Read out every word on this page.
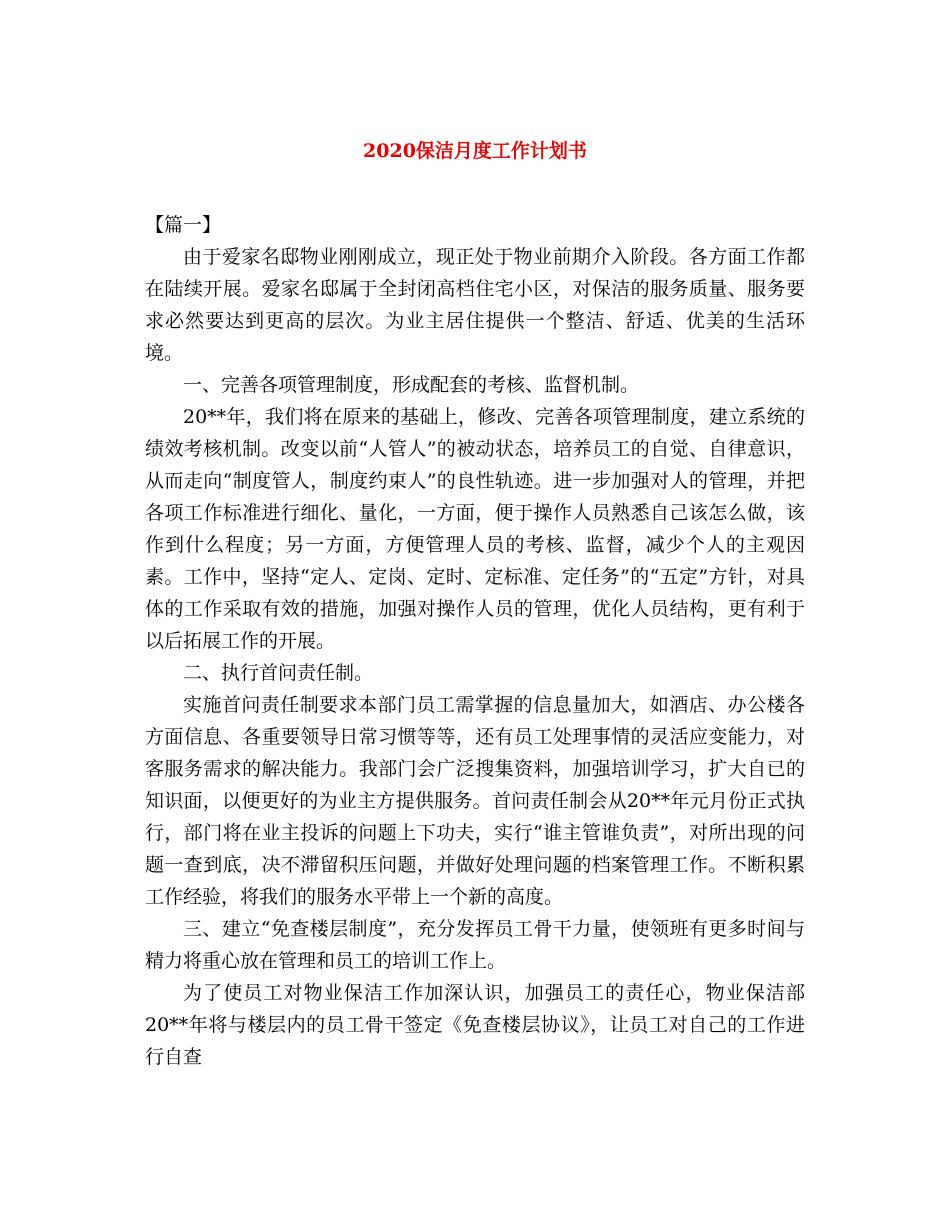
2020保洁月度工作计划书

【篇一】

由于爱家名邸物业刚刚成立，现正处于物业前期介入阶段。各方面工作都在陆续开展。爱家名邸属于全封闭高档住宅小区，对保洁的服务质量、服务要求必然要达到更高的层次。为业主居住提供一个整洁、舒适、优美的生活环境。

一、完善各项管理制度，形成配套的考核、监督机制。

20**年，我们将在原来的基础上，修改、完善各项管理制度，建立系统的绩效考核机制。改变以前“人管人”的被动状态，培养员工的自觉、自律意识，从而走向“制度管人，制度约束人”的良性轨迹。进一步加强对人的管理，并把各项工作标准进行细化、量化，一方面，便于操作人员熟悉自己该怎么做，该作到什么程度；另一方面，方便管理人员的考核、监督，减少个人的主观因素。工作中，坚持“定人、定岗、定时、定标准、定任务”的“五定”方针，对具体的工作采取有效的措施，加强对操作人员的管理，优化人员结构，更有利于以后拓展工作的开展。

二、执行首问责任制。

实施首问责任制要求本部门员工需掌握的信息量加大，如酒店、办公楼各方面信息、各重要领导日常习惯等等，还有员工处理事情的灵活应变能力，对客服务需求的解决能力。我部门会广泛搜集资料，加强培训学习，扩大自已的知识面，以便更好的为业主方提供服务。首问责任制会从20**年元月份正式执行，部门将在业主投诉的问题上下功夫，实行“谁主管谁负责”，对所出现的问题一查到底，决不滞留积压问题，并做好处理问题的档案管理工作。不断积累工作经验，将我们的服务水平带上一个新的高度。

三、建立“免查楼层制度”，充分发挥员工骨干力量，使领班有更多时间与精力将重心放在管理和员工的培训工作上。

为了使员工对物业保洁工作加深认识，加强员工的责任心，物业保洁部20**年将与楼层内的员工骨干签定《免查楼层协议》，让员工对自己的工作进行自查
